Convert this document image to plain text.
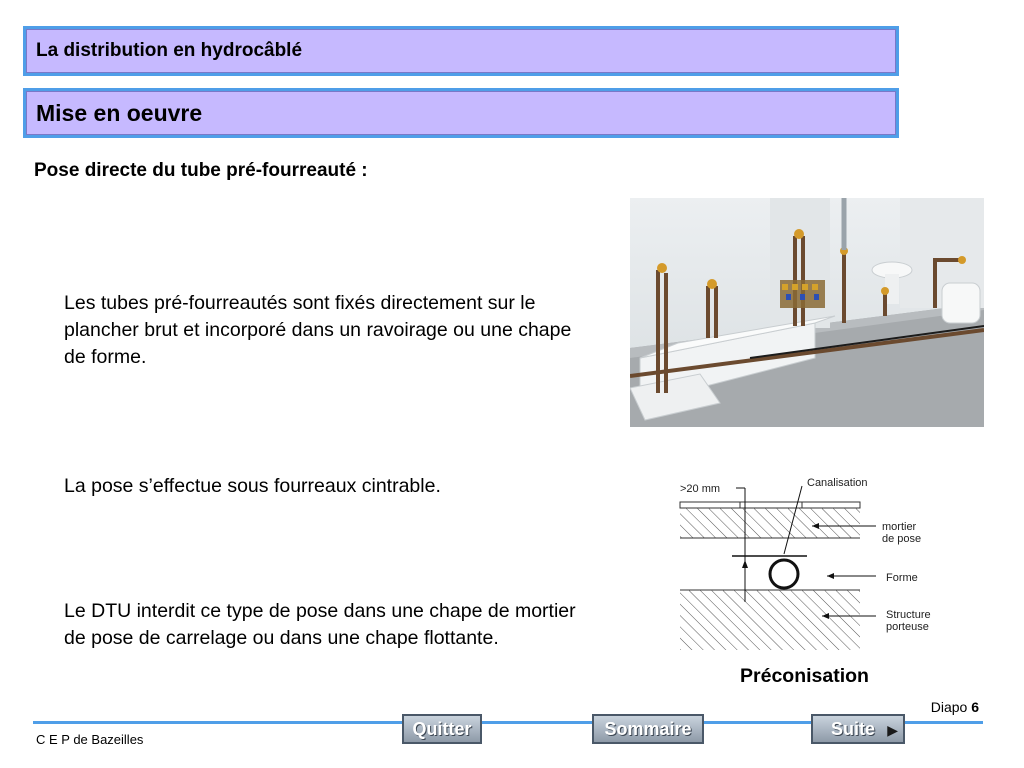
La distribution en hydrocâblé
Mise en oeuvre
Pose directe du tube pré-fourreauté :
Les tubes pré-fourreautés sont fixés directement sur le plancher brut et incorporé dans un ravoirage ou une chape de forme.
La pose s’effectue sous fourreaux cintrable.
Le DTU interdit ce type de pose dans une chape de mortier de pose de carrelage ou dans une chape flottante.
>20 mm	Canalisation
mortier
de pose
Forme
Structure
porteuse
Préconisation
Diapo 6
C E P de Bazeilles
Quitter	Sommaire	Suite ▶
